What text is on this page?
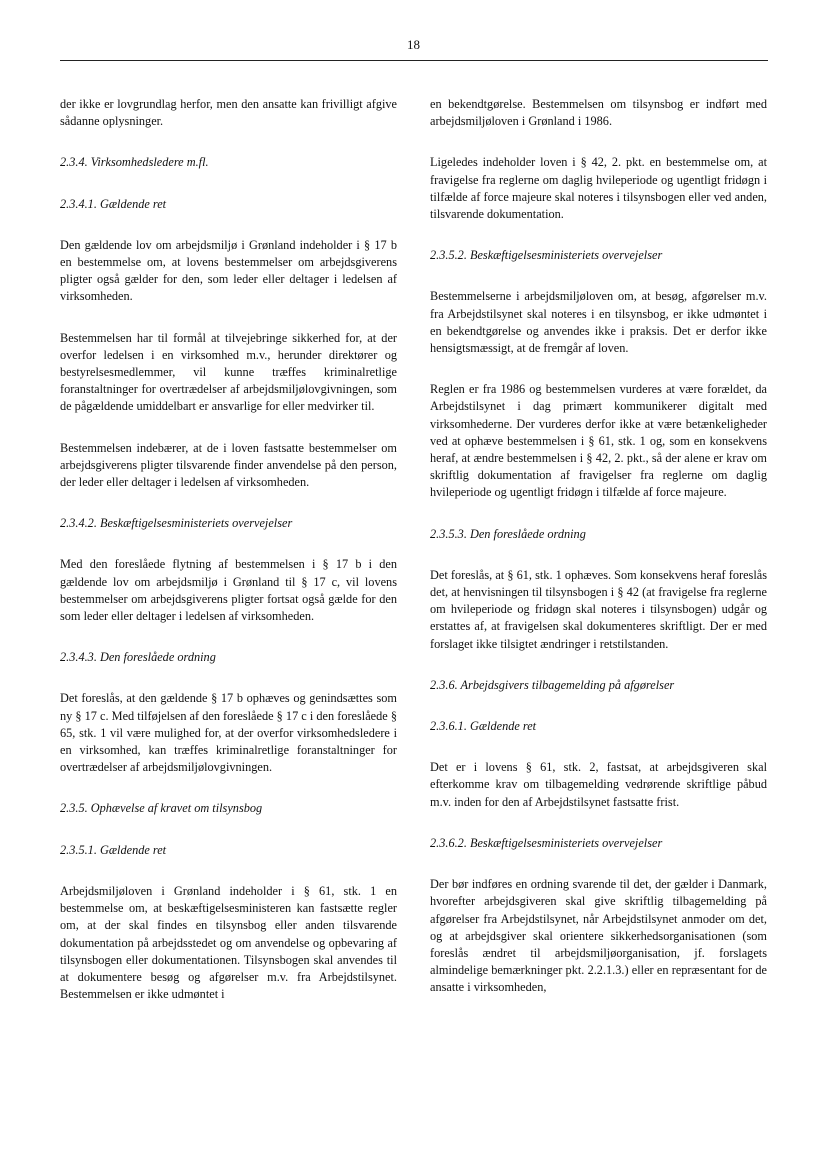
18

der ikke er lovgrundlag herfor, men den ansatte kan frivilligt afgive sådanne oplysninger.

2.3.4. Virksomhedsledere m.fl.
2.3.4.1. Gældende ret

Den gældende lov om arbejdsmiljø i Grønland indeholder i § 17 b en bestemmelse om, at lovens bestemmelser om arbejdsgiverens pligter også gælder for den, som leder eller deltager i ledelsen af virksomheden.

Bestemmelsen har til formål at tilvejebringe sikkerhed for, at der overfor ledelsen i en virksomhed m.v., herunder direktører og bestyrelsesmedlemmer, vil kunne træffes kriminalretlige foranstaltninger for overtrædelser af arbejdsmiljølovgivningen, som de pågældende umiddelbart er ansvarlige for eller medvirker til.

Bestemmelsen indebærer, at de i loven fastsatte bestemmelser om arbejdsgiverens pligter tilsvarende finder anvendelse på den person, der leder eller deltager i ledelsen af virksomheden.

2.3.4.2. Beskæftigelsesministeriets overvejelser

Med den foreslåede flytning af bestemmelsen i § 17 b i den gældende lov om arbejdsmiljø i Grønland til § 17 c, vil lovens bestemmelser om arbejdsgiverens pligter fortsat også gælde for den som leder eller deltager i ledelsen af virksomheden.

2.3.4.3. Den foreslåede ordning

Det foreslås, at den gældende § 17 b ophæves og genindsættes som ny § 17 c. Med tilføjelsen af den foreslåede § 17 c i den foreslåede § 65, stk. 1 vil være mulighed for, at der overfor virksomhedsledere i en virksomhed, kan træffes kriminalretlige foranstaltninger for overtrædelser af arbejdsmiljølovgivningen.

2.3.5. Ophævelse af kravet om tilsynsbog
2.3.5.1. Gældende ret

Arbejdsmiljøloven i Grønland indeholder i § 61, stk. 1 en bestemmelse om, at beskæftigelsesministeren kan fastsætte regler om, at der skal findes en tilsynsbog eller anden tilsvarende dokumentation på arbejdsstedet og om anvendelse og opbevaring af tilsynsbogen eller dokumentationen. Tilsynsbogen skal anvendes til at dokumentere besøg og afgørelser m.v. fra Arbejdstilsynet. Bestemmelsen er ikke udmøntet i

en bekendtgørelse. Bestemmelsen om tilsynsbog er indført med arbejdsmiljøloven i Grønland i 1986.

Ligeledes indeholder loven i § 42, 2. pkt. en bestemmelse om, at fravigelse fra reglerne om daglig hvileperiode og ugentligt fridøgn i tilfælde af force majeure skal noteres i tilsynsbogen eller ved anden, tilsvarende dokumentation.

2.3.5.2. Beskæftigelsesministeriets overvejelser

Bestemmelserne i arbejdsmiljøloven om, at besøg, afgørelser m.v. fra Arbejdstilsynet skal noteres i en tilsynsbog, er ikke udmøntet i en bekendtgørelse og anvendes ikke i praksis. Det er derfor ikke hensigtsmæssigt, at de fremgår af loven.

Reglen er fra 1986 og bestemmelsen vurderes at være forældet, da Arbejdstilsynet i dag primært kommunikerer digitalt med virksomhederne. Der vurderes derfor ikke at være betænkeligheder ved at ophæve bestemmelsen i § 61, stk. 1 og, som en konsekvens heraf, at ændre bestemmelsen i § 42, 2. pkt., så der alene er krav om skriftlig dokumentation af fravigelser fra reglerne om daglig hvileperiode og ugentligt fridøgn i tilfælde af force majeure.

2.3.5.3. Den foreslåede ordning

Det foreslås, at § 61, stk. 1 ophæves. Som konsekvens heraf foreslås det, at henvisningen til tilsynsbogen i § 42 (at fravigelse fra reglerne om hvileperiode og fridøgn skal noteres i tilsynsbogen) udgår og erstattes af, at fravigelsen skal dokumenteres skriftligt. Der er med forslaget ikke tilsigtet ændringer i retstilstanden.

2.3.6. Arbejdsgivers tilbagemelding på afgørelser
2.3.6.1. Gældende ret

Det er i lovens § 61, stk. 2, fastsat, at arbejdsgiveren skal efterkomme krav om tilbagemelding vedrørende skriftlige påbud m.v. inden for den af Arbejdstilsynet fastsatte frist.

2.3.6.2. Beskæftigelsesministeriets overvejelser

Der bør indføres en ordning svarende til det, der gælder i Danmark, hvorefter arbejdsgiveren skal give skriftlig tilbagemelding på afgørelser fra Arbejdstilsynet, når Arbejdstilsynet anmoder om det, og at arbejdsgiver skal orientere sikkerhedsorganisationen (som foreslås ændret til arbejdsmiljøorganisation, jf. forslagets almindelige bemærkninger pkt. 2.2.1.3.) eller en repræsentant for de ansatte i virksomheden,
